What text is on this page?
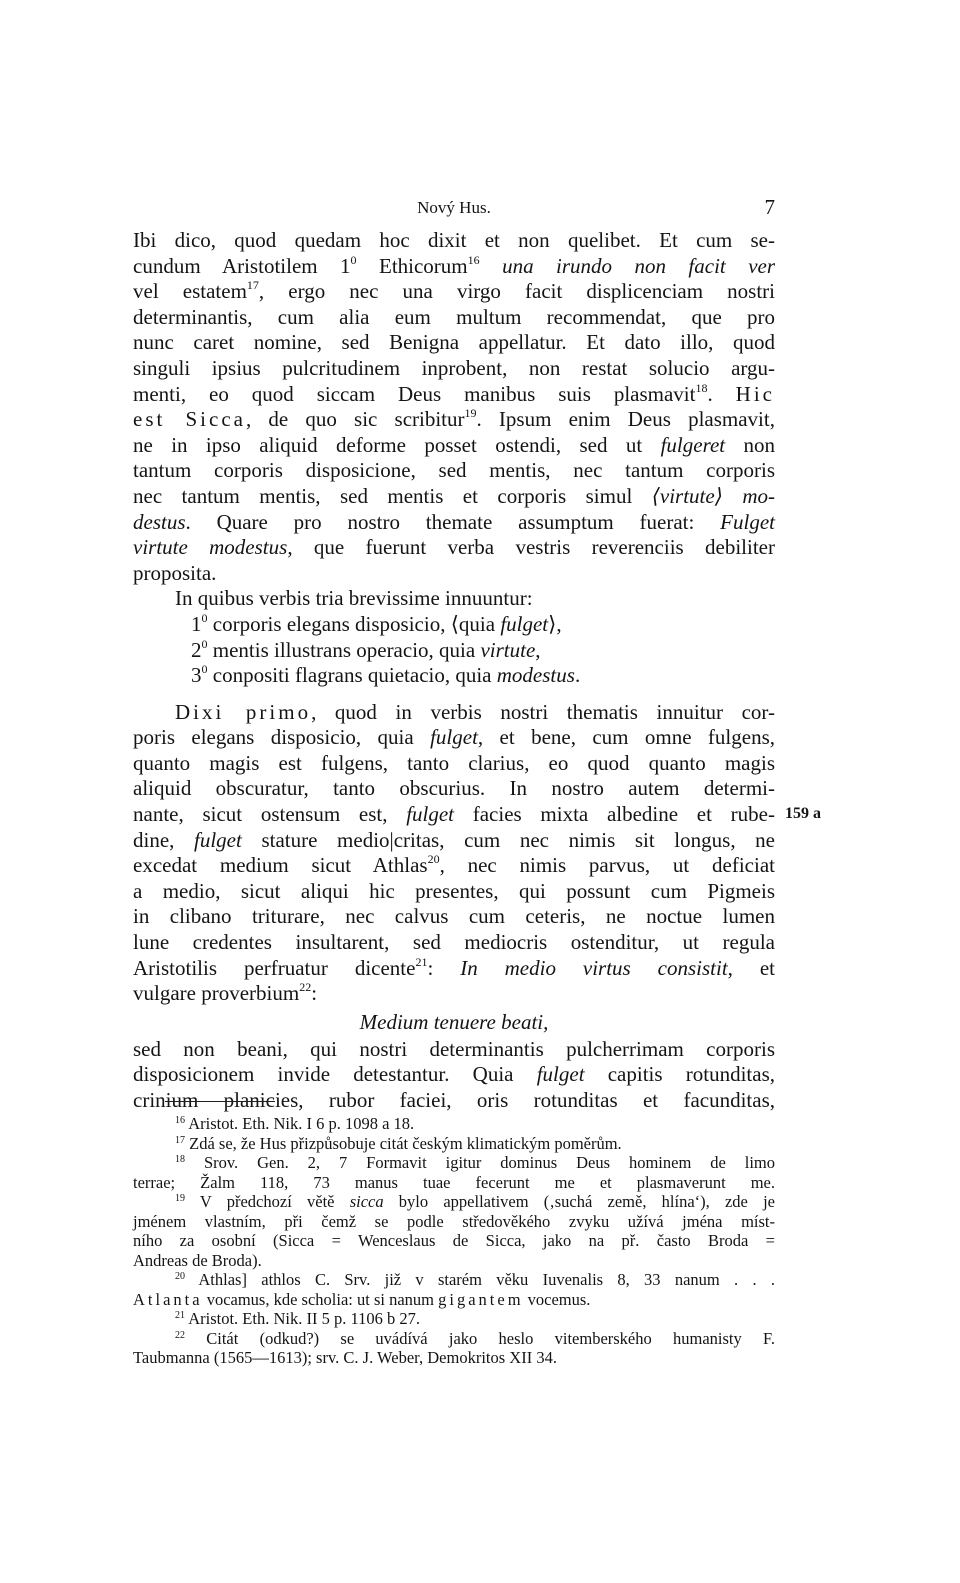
Nový Hus.	7
Ibi dico, quod quedam hoc dixit et non quelibet. Et cum se-
cundum Aristotilem $1^0$ Ethicorum$^{16}$ una irundo non facit ver
vel estatem$^{17}$, ergo nec una virgo facit displicenciam nostri
determinantis, cum alia eum multum recommendat, que pro
nunc caret nomine, sed Benigna appellatur. Et dato illo, quod
singuli ipsius pulcritudinem inprobent, non restat solucio argu-
menti, eo quod siccam Deus manibus suis plasmavit$^{18}$. Hic
est Sicca, de quo sic scribitur$^{19}$. Ipsum enim Deus plasmavit,
ne in ipso aliquid deforme posset ostendi, sed ut fulgeret non
tantum corporis disposicione, sed mentis, nec tantum corporis
nec tantum mentis, sed mentis et corporis simul ⟨virtute⟩ mo-
destus. Quare pro nostro themate assumptum fuerat: Fulget
virtute modestus, que fuerunt verba vestris reverenciis debiliter
proposita.
In quibus verbis tria brevissime innuuntur:
$1^0$ corporis elegans disposicio, ⟨quia fulget⟩,
$2^0$ mentis illustrans operacio, quia virtute,
$3^0$ conpositi flagrans quietacio, quia modestus.
Dixi primo, quod in verbis nostri thematis innuitur cor-
poris elegans disposicio, quia fulget, et bene, cum omne fulgens,
quanto magis est fulgens, tanto clarius, eo quod quanto magis
aliquid obscuratur, tanto obscurius. In nostro autem determi-
nante, sicut ostensum est, fulget facies mixta albedine et rube-
dine, fulget stature medio|critas, cum nec nimis sit longus, ne
excedat medium sicut Athlas$^{20}$, nec nimis parvus, ut deficiat
a medio, sicut aliqui hic presentes, qui possunt cum Pigmeis
in clibano triturare, nec calvus cum ceteris, ne noctue lumen
lune credentes insultarent, sed mediocris ostenditur, ut regula
Aristotilis perfruatur dicente$^{21}$: In medio virtus consistit, et
vulgare proverbium$^{22}$:
Medium tenuere beati,
sed non beani, qui nostri determinantis pulcherrimam corporis
disposicionem invide detestantur. Quia fulget capitis rotunditas,
crinium planicies, rubor faciei, oris rotunditas et facunditas,
159 a
$^{16}$ Aristot. Eth. Nik. I 6 p. 1098 a 18.
$^{17}$ Zdá se, že Hus přizpůsobuje citát českým klimatickým poměrům.
$^{18}$ Srov. Gen. 2, 7 Formavit igitur dominus Deus hominem de limo
terrae; Žalm 118, 73 manus tuae fecerunt me et plasmaverunt me.
$^{19}$ V předchozí větě sicca bylo appellativem (‚suchá země, hlína‘), zde je
jménem vlastním, při čemž se podle středověkého zvyku užívá jména míst-
ního za osobní (Sicca = Wenceslaus de Sicca, jako na př. často Broda =
Andreas de Broda).
$^{20}$ Athlas] athlos C. Srv. již v starém věku Iuvenalis 8, 33 nanum . . .
Atlanta vocamus, kde scholia: ut si nanum gigantem vocemus.
$^{21}$ Aristot. Eth. Nik. II 5 p. 1106 b 27.
$^{22}$ Citát (odkud?) se uvádívá jako heslo vitemberského humanisty F.
Taubmanna (1565—1613); srv. C. J. Weber, Demokritos XII 34.
